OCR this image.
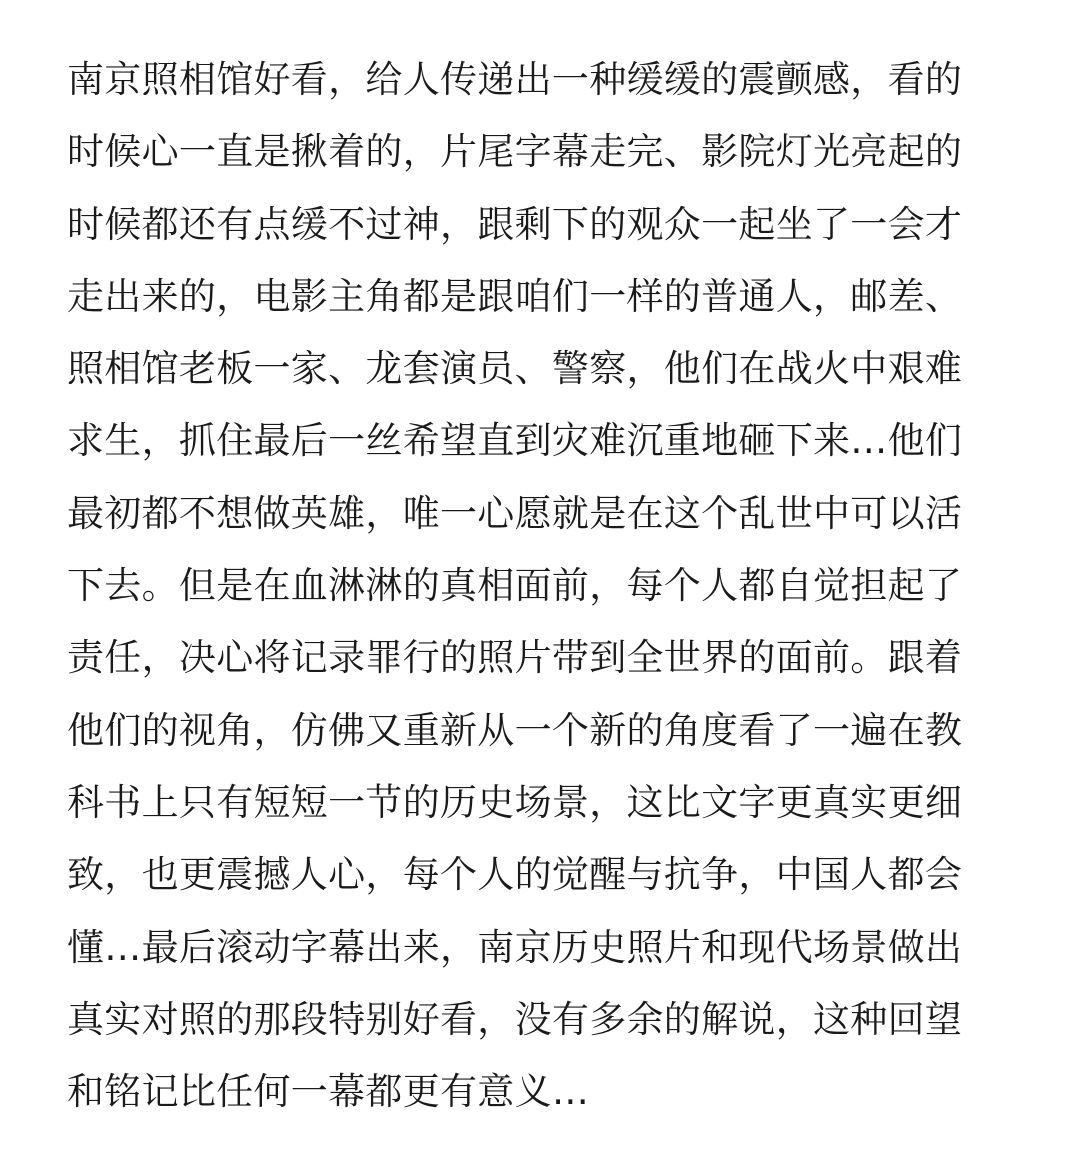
南京照相馆好看，给人传递出一种缓缓的震颤感，看的
时候心一直是揪着的，片尾字幕走完、影院灯光亮起的
时候都还有点缓不过神，跟剩下的观众一起坐了一会才
走出来的，电影主角都是跟咱们一样的普通人，邮差、
照相馆老板一家、龙套演员、警察，他们在战火中艰难
求生，抓住最后一丝希望直到灾难沉重地砸下来…他们
最初都不想做英雄，唯一心愿就是在这个乱世中可以活
下去。但是在血淋淋的真相面前，每个人都自觉担起了
责任，决心将记录罪行的照片带到全世界的面前。跟着
他们的视角，仿佛又重新从一个新的角度看了一遍在教
科书上只有短短一节的历史场景，这比文字更真实更细
致，也更震撼人心，每个人的觉醒与抗争，中国人都会
懂…最后滚动字幕出来，南京历史照片和现代场景做出
真实对照的那段特别好看，没有多余的解说，这种回望
和铭记比任何一幕都更有意义…
